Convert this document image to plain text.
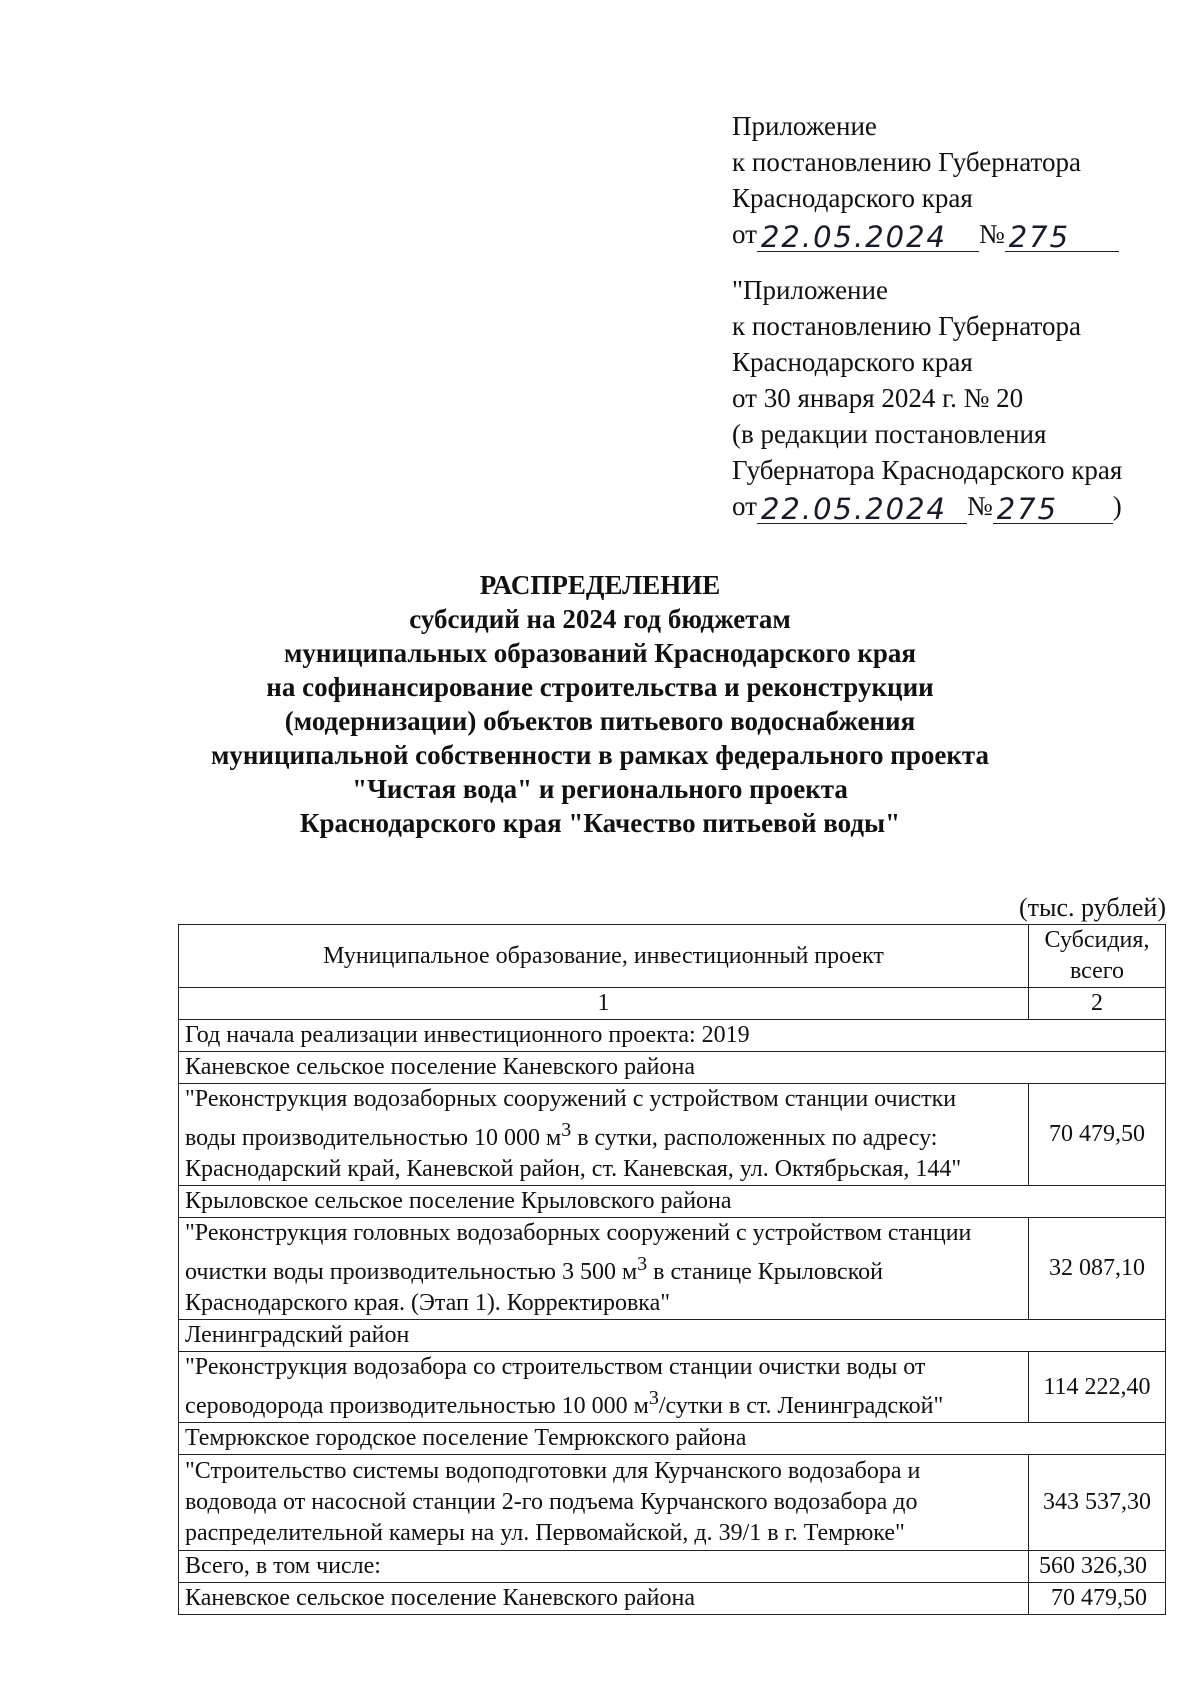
Приложение
к постановлению Губернатора
Краснодарского края
от 22.05.2024 № 275
"Приложение
к постановлению Губернатора
Краснодарского края
от 30 января 2024 г. № 20
(в редакции постановления
Губернатора Краснодарского края
от 22.05.2024 № 275 )
РАСПРЕДЕЛЕНИЕ
субсидий на 2024 год бюджетам
муниципальных образований Краснодарского края
на софинансирование строительства и реконструкции
(модернизации) объектов питьевого водоснабжения
муниципальной собственности в рамках федерального проекта
"Чистая вода" и регионального проекта
Краснодарского края "Качество питьевой воды"
(тыс. рублей)
Муниципальное образование, инвестиционный проект	Субсидия,
всего
1	2
Год начала реализации инвестиционного проекта: 2019	
Каневское сельское поселение Каневского района	
"Реконструкция водозаборных сооружений с устройством станции очистки
воды производительностью 10 000 $м^3$ в сутки, расположенных по адресу:
Краснодарский край, Каневской район, ст. Каневская, ул. Октябрьская, 144"	70 479,50
Крыловское сельское поселение Крыловского района	
"Реконструкция головных водозаборных сооружений с устройством станции
очистки воды производительностью 3 500 $м^3$ в станице Крыловской
Краснодарского края. (Этап 1). Корректировка"	32 087,10
Ленинградский район	
"Реконструкция водозабора со строительством станции очистки воды от
сероводорода производительностью 10 000 $м^3$/сутки в ст. Ленинградской"	114 222,40
Темрюкское городское поселение Темрюкского района	
"Строительство системы водоподготовки для Курчанского водозабора и
водовода от насосной станции 2-го подъема Курчанского водозабора до
распределительной камеры на ул. Первомайской, д. 39/1 в г. Темрюке"	343 537,30
Всего, в том числе:	560 326,30
Каневское сельское поселение Каневского района	70 479,50
